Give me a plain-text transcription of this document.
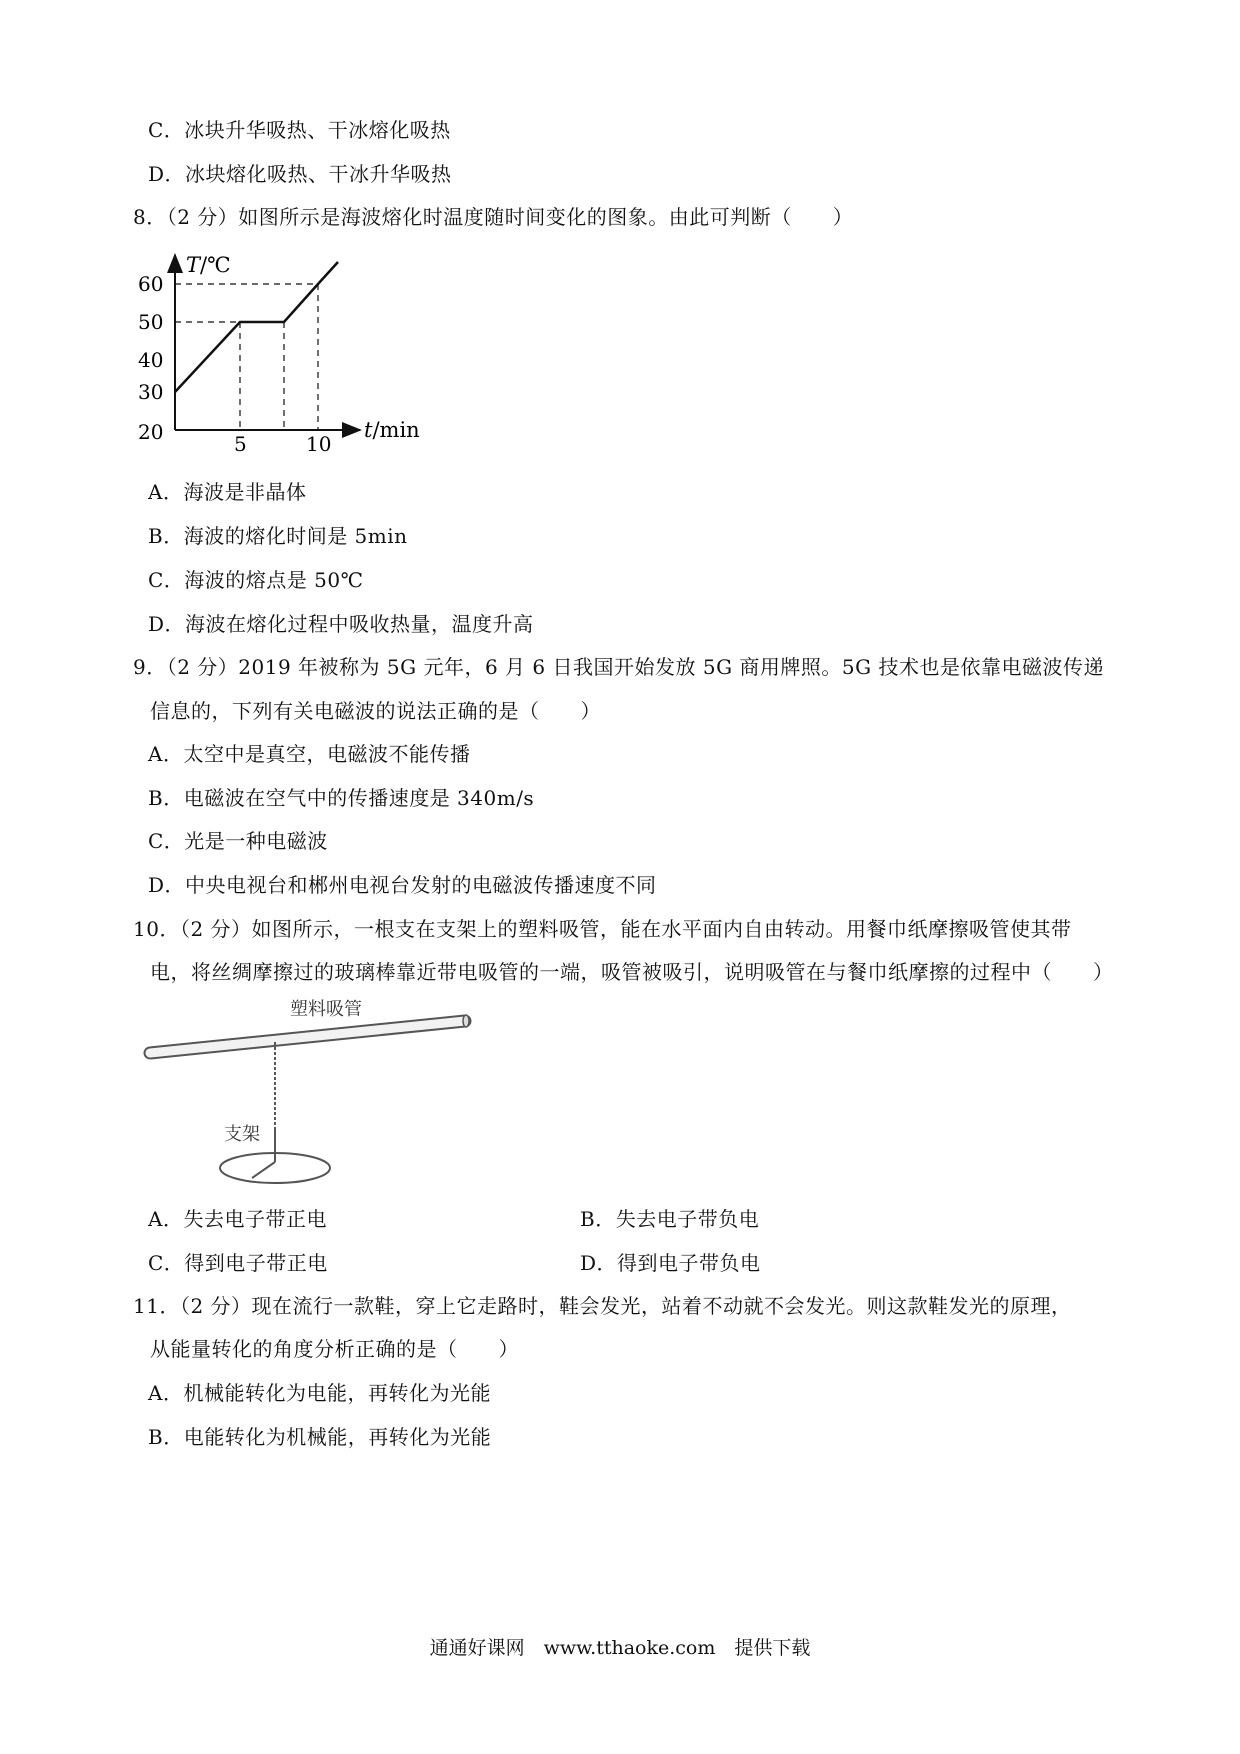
C．冰块升华吸热、干冰熔化吸热
D．冰块熔化吸热、干冰升华吸热
8．（2 分）如图所示是海波熔化时温度随时间变化的图象。由此可判断（　　）
60
50
40
30
20	5	10
T/℃
t/min
A．海波是非晶体
B．海波的熔化时间是 5min
C．海波的熔点是 50℃
D．海波在熔化过程中吸收热量，温度升高
9．（2 分）2019 年被称为 5G 元年，6 月 6 日我国开始发放 5G 商用牌照。5G 技术也是依靠电磁波传递
信息的，下列有关电磁波的说法正确的是（　　）
A．太空中是真空，电磁波不能传播
B．电磁波在空气中的传播速度是 340m/s
C．光是一种电磁波
D．中央电视台和郴州电视台发射的电磁波传播速度不同
10．（2 分）如图所示，一根支在支架上的塑料吸管，能在水平面内自由转动。用餐巾纸摩擦吸管使其带
电，将丝绸摩擦过的玻璃棒靠近带电吸管的一端，吸管被吸引，说明吸管在与餐巾纸摩擦的过程中（　　）
塑料吸管
支架
A．失去电子带正电	B．失去电子带负电
C．得到电子带正电	D．得到电子带负电
11．（2 分）现在流行一款鞋，穿上它走路时，鞋会发光，站着不动就不会发光。则这款鞋发光的原理，
从能量转化的角度分析正确的是（　　）
A．机械能转化为电能，再转化为光能
B．电能转化为机械能，再转化为光能
通通好课网　www.tthaoke.com　提供下载
